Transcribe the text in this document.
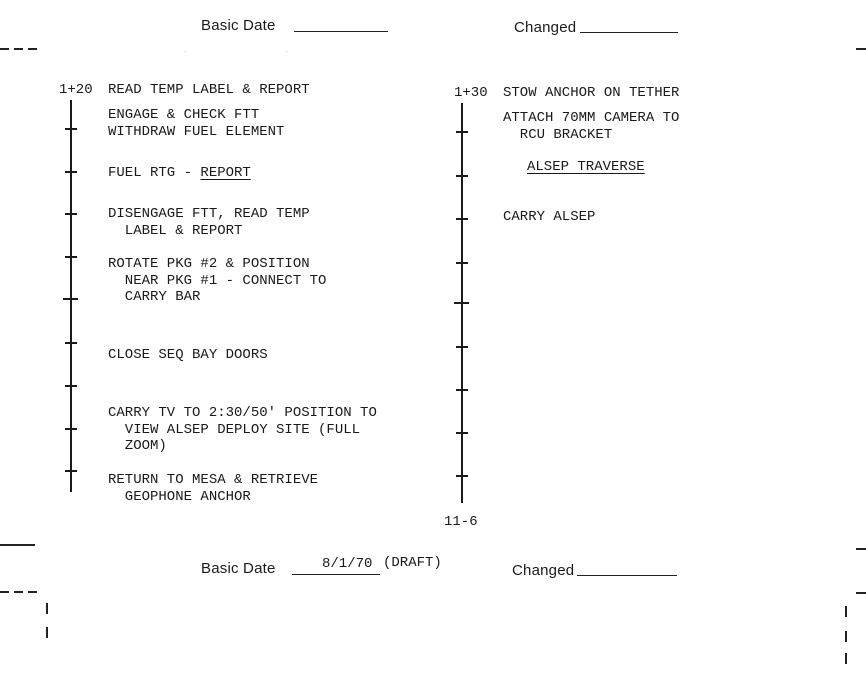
·            ·
Basic Date	Changed
1+20 READ TEMP LABEL & REPORT
ENGAGE & CHECK FTT
WITHDRAW FUEL ELEMENT
FUEL RTG - REPORT
DISENGAGE FTT, READ TEMP
LABEL & REPORT
ROTATE PKG #2 & POSITION
NEAR PKG #1 - CONNECT TO
CARRY BAR
CLOSE SEQ BAY DOORS
CARRY TV TO 2:30/50' POSITION TO
VIEW ALSEP DEPLOY SITE (FULL
ZOOM)
RETURN TO MESA & RETRIEVE
GEOPHONE ANCHOR
1+30 STOW ANCHOR ON TETHER
ATTACH 70MM CAMERA TO
RCU BRACKET
ALSEP TRAVERSE
CARRY ALSEP
11-6
Basic Date	8/1/70 (DRAFT)	Changed
